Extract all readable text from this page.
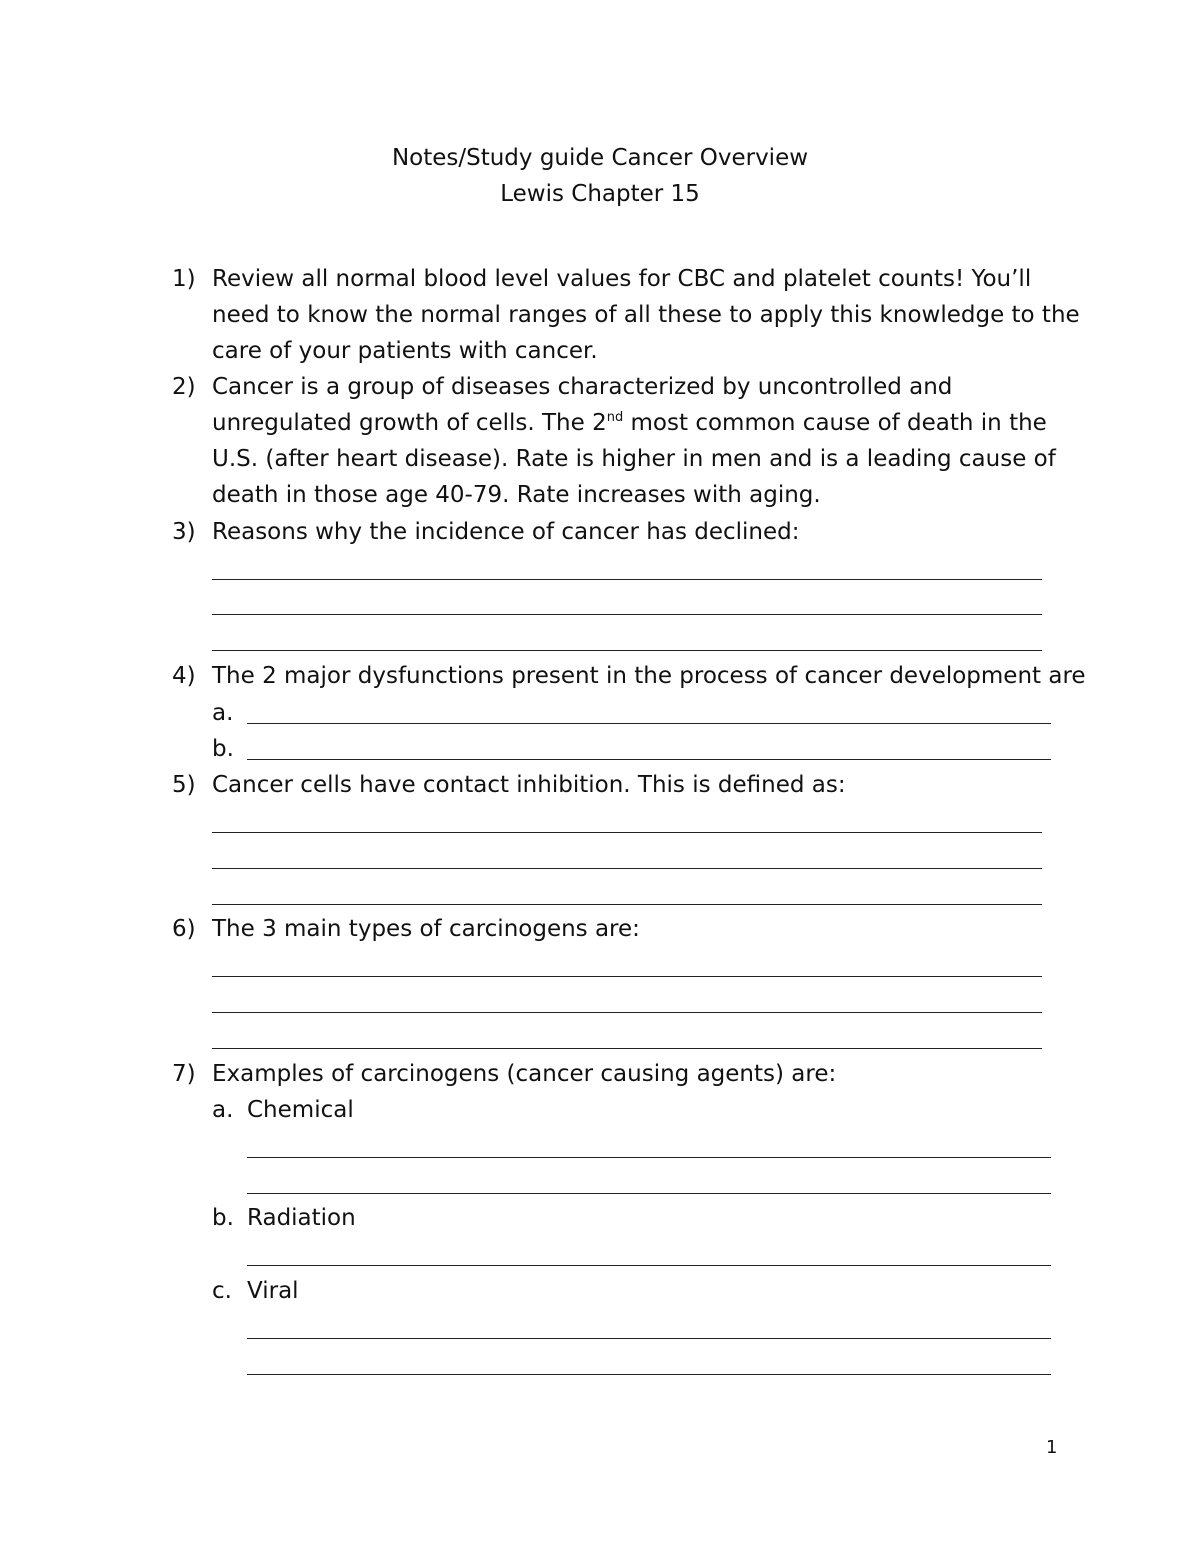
Notes/Study guide Cancer Overview
Lewis Chapter 15
1) Review all normal blood level values for CBC and platelet counts! You’ll
need to know the normal ranges of all these to apply this knowledge to the
care of your patients with cancer.
2) Cancer is a group of diseases characterized by uncontrolled and
unregulated growth of cells. The 2nd most common cause of death in the
U.S. (after heart disease). Rate is higher in men and is a leading cause of
death in those age 40-79. Rate increases with aging.
3) Reasons why the incidence of cancer has declined:
4) The 2 major dysfunctions present in the process of cancer development are
a.
b.
5) Cancer cells have contact inhibition. This is defined as:
6) The 3 main types of carcinogens are:
7) Examples of carcinogens (cancer causing agents) are:
a. Chemical
b. Radiation
c. Viral
1
